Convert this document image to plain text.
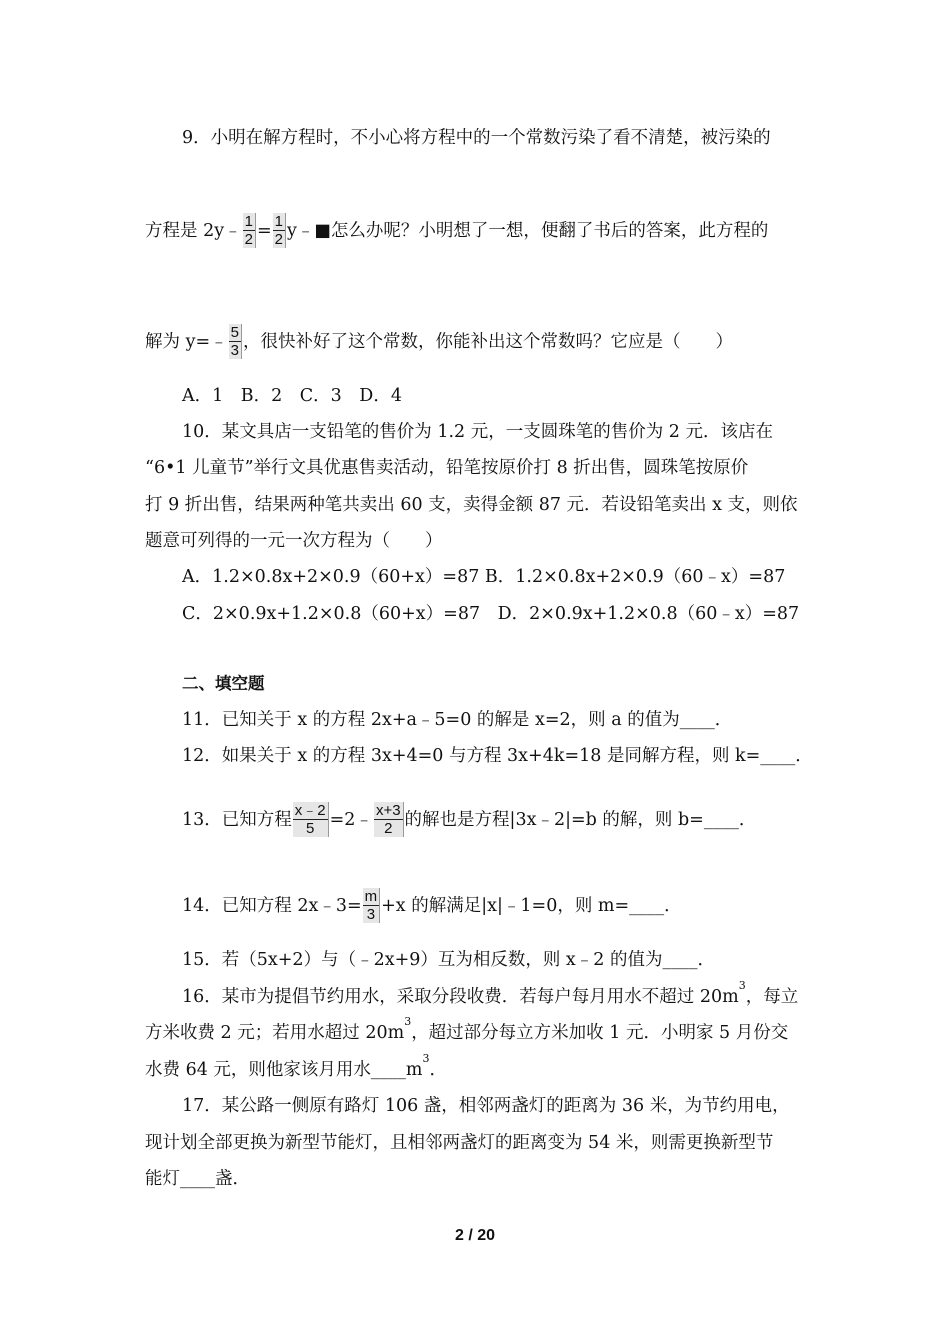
9．小明在解方程时，不小心将方程中的一个常数污染了看不清楚，被污染的
方程是 2y﹣ $\frac{1}{2} = \frac{1}{2}$ y﹣■怎么办呢？小明想了一想，便翻了书后的答案，此方程的
解为 y=﹣ $\frac{5}{3}$ ，很快补好了这个常数，你能补出这个常数吗？它应是（　　）
A．1　B．2　C．3　D．4
10．某文具店一支铅笔的售价为 1.2 元，一支圆珠笔的售价为 2 元．该店在
“6•1 儿童节”举行文具优惠售卖活动，铅笔按原价打 8 折出售，圆珠笔按原价
打 9 折出售，结果两种笔共卖出 60 支，卖得金额 87 元．若设铅笔卖出 x 支，则依
题意可列得的一元一次方程为（　　）
A．1.2×0.8x+2×0.9（60+x）=87 B．1.2×0.8x+2×0.9（60﹣x）=87
C．2×0.9x+1.2×0.8（60+x）=87　D．2×0.9x+1.2×0.8（60﹣x）=87
二、填空题
11．已知关于 x 的方程 2x+a﹣5=0 的解是 x=2，则 a 的值为____．
12．如果关于 x 的方程 3x+4=0 与方程 3x+4k=18 是同解方程，则 k=____．
13．已知方程 $\frac{x﹣2}{5}$ =2﹣ $\frac{x+3}{2}$ 的解也是方程|3x﹣2|=b 的解，则 b=____．
14．已知方程 2x﹣3= $\frac{m}{3} +x$ 的解满足|x|﹣1=0，则 m=____．
15．若（5x+2）与（﹣2x+9）互为相反数，则 x﹣2 的值为____．
16．某市为提倡节约用水，采取分段收费．若每户每月用水不超过 $20m^3$，每立
方米收费 2 元；若用水超过 $20m^3$，超过部分每立方米加收 1 元．小明家 5 月份交
水费 64 元，则他家该月用水$\_\_\_\_m^3$．
17．某公路一侧原有路灯 106 盏，相邻两盏灯的距离为 36 米，为节约用电，
现计划全部更换为新型节能灯，且相邻两盏灯的距离变为 54 米，则需更换新型节
能灯____盏．
2 / 20
